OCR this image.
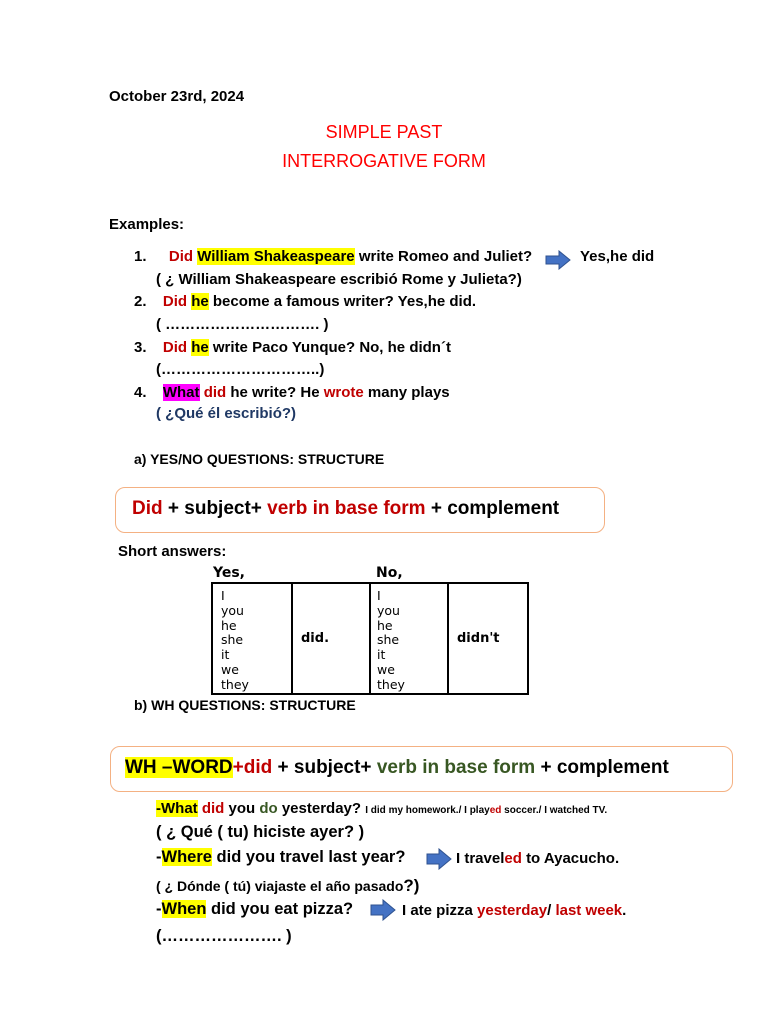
October 23rd, 2024
SIMPLE PAST
INTERROGATIVE FORM
Examples:
1. Did William Shakeaspeare write Romeo and Juliet?	Yes,he did
( ¿ William Shakeaspeare escribió Rome y Julieta?)
2. Did he become a famous writer? Yes,he did.
( …………………………. )
3. Did he write Paco Yunque? No, he didn´t
(…………………………..)
4. What did he write? He wrote many plays
( ¿Qué él escribió?)
a) YES/NO QUESTIONS: STRUCTURE
Did + subject+ verb in base form + complement
Short answers:
Yes,	No,
I
you
he
she
it
we
they

did.

I
you
he
she
it
we
they

didn't
b) WH QUESTIONS: STRUCTURE
WH –WORD+did + subject+ verb in base form + complement
-What did you do yesterday? I did my homework./ I played soccer./ I watched TV.
( ¿ Qué ( tu) hiciste ayer? )
-Where did you travel last year?	I traveled to Ayacucho.
( ¿ Dónde ( tú) viajaste el año pasado?)
-When did you eat pizza?	I ate pizza yesterday/ last week.
(…………………. )
